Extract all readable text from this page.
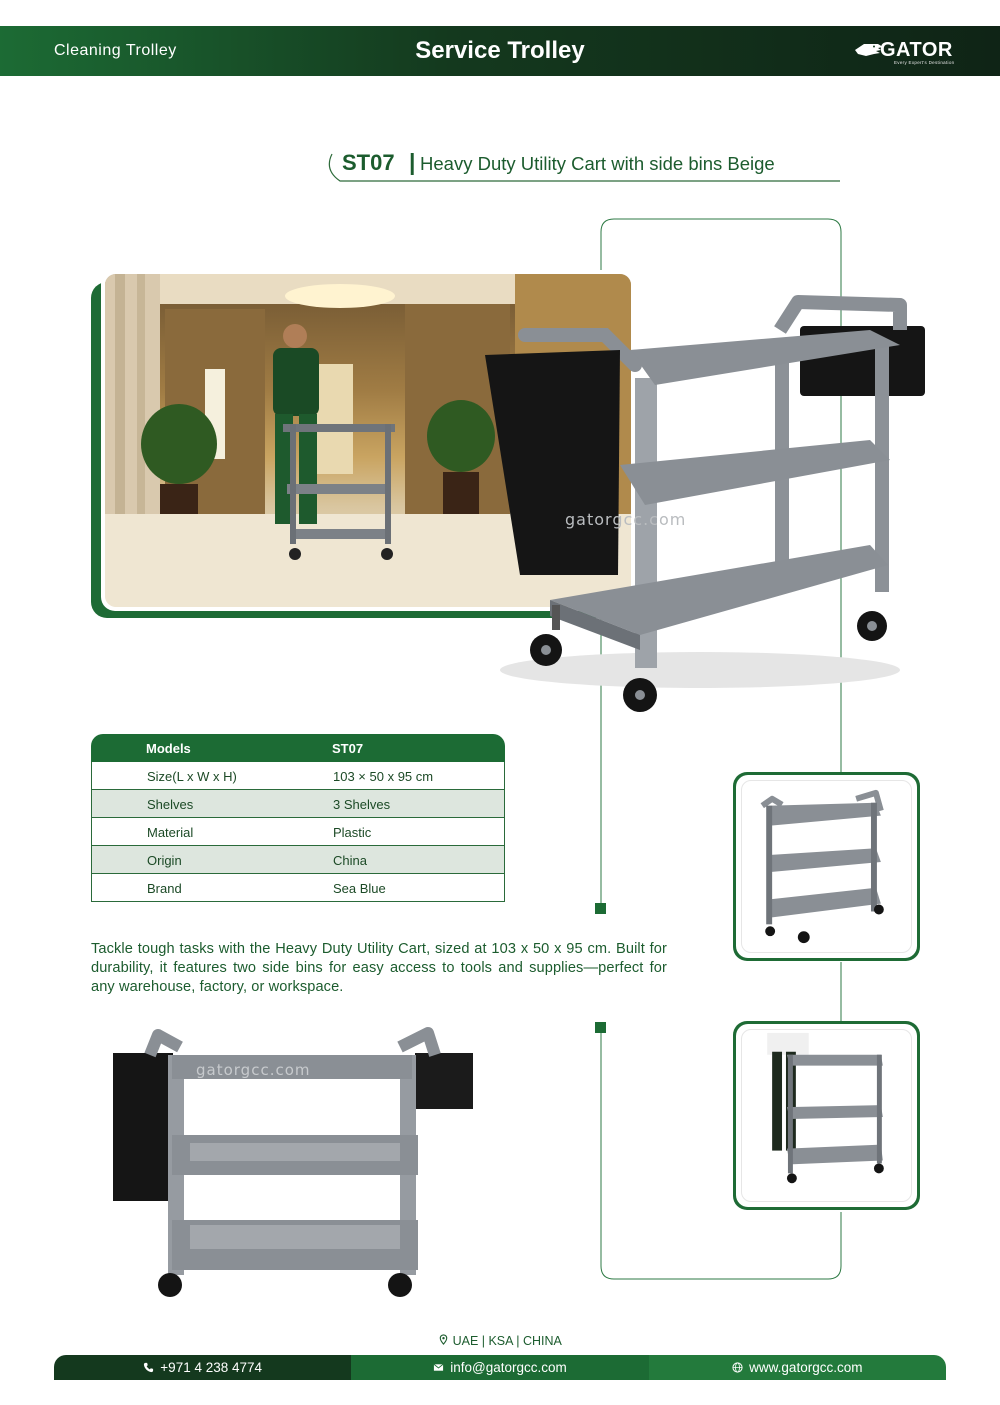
Cleaning Trolley	Service Trolley	GATOR
Every Expert's Destination
ST07 | Heavy Duty Utility Cart with side bins Beige
gatorgcc.com
Models	ST07
Size(L x W x H)	103 × 50 x 95 cm
Shelves	3 Shelves
Material	Plastic
Origin	China
Brand	Sea Blue

Tackle tough tasks with the Heavy Duty Utility Cart, sized at 103 x 50 x 95 cm. Built for durability, it features two side bins for easy access to tools and supplies—perfect for any warehouse, factory, or workspace.

gatorgcc.com
UAE | KSA | CHINA
+971 4 238 4774	info@gatorgcc.com	www.gatorgcc.com
